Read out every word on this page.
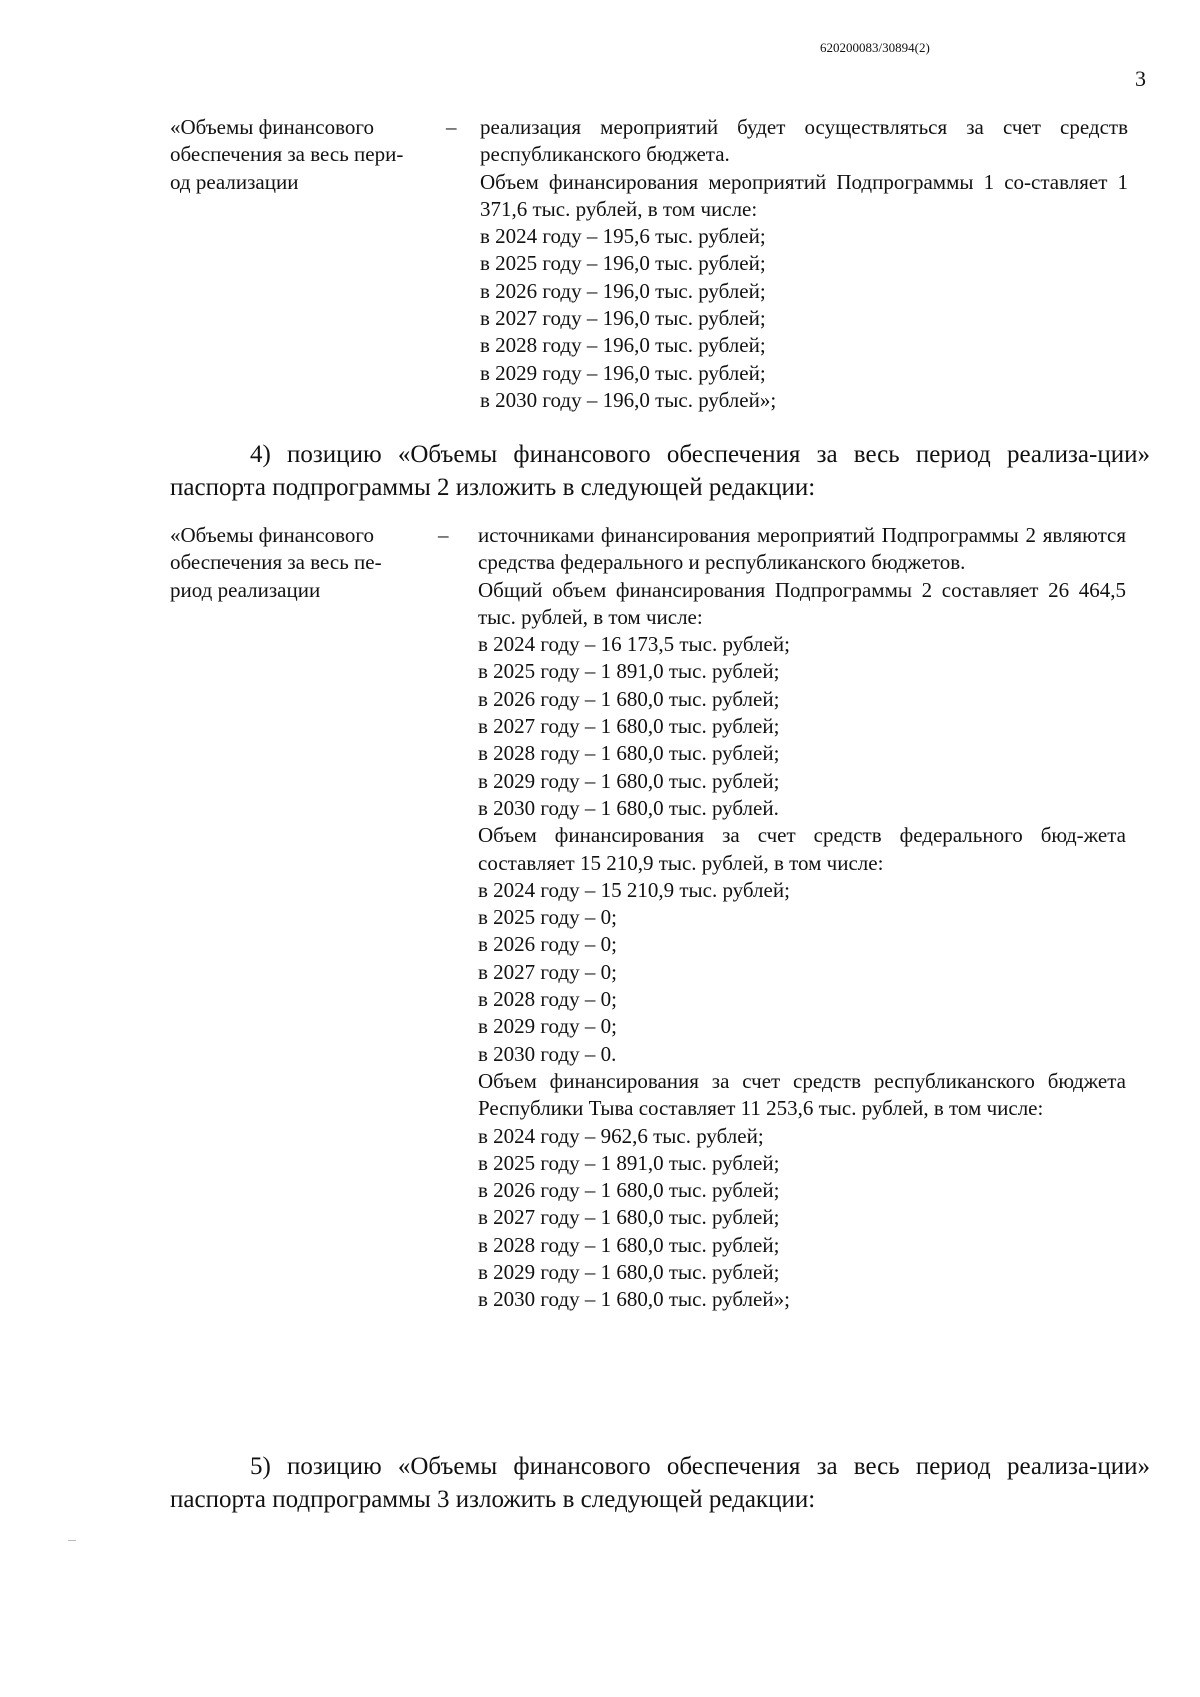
620200083/30894(2)
3
«Объемы финансового
обеспечения за весь пери-
од реализации
–	реализация мероприятий будет осуществляться за счет средств республиканского бюджета.

Объем финансирования мероприятий Подпрограммы 1 со-ставляет 1 371,6 тыс. рублей, в том числе:

в 2024 году – 195,6 тыс. рублей;
в 2025 году – 196,0 тыс. рублей;
в 2026 году – 196,0 тыс. рублей;
в 2027 году – 196,0 тыс. рублей;
в 2028 году – 196,0 тыс. рублей;
в 2029 году – 196,0 тыс. рублей;
в 2030 году – 196,0 тыс. рублей»;
4) позицию «Объемы финансового обеспечения за весь период реализа-ции» паспорта подпрограммы 2 изложить в следующей редакции:
«Объемы финансового
обеспечения за весь пе-
риод реализации
–	источниками финансирования мероприятий Подпрограммы 2 являются средства федерального и республиканского бюджетов.

Общий объем финансирования Подпрограммы 2 составляет 26 464,5 тыс. рублей, в том числе:

в 2024 году – 16 173,5 тыс. рублей;
в 2025 году – 1 891,0 тыс. рублей;
в 2026 году – 1 680,0 тыс. рублей;
в 2027 году – 1 680,0 тыс. рублей;
в 2028 году – 1 680,0 тыс. рублей;
в 2029 году – 1 680,0 тыс. рублей;
в 2030 году – 1 680,0 тыс. рублей.

Объем финансирования за счет средств федерального бюд-жета составляет 15 210,9 тыс. рублей, в том числе:

в 2024 году – 15 210,9 тыс. рублей;
в 2025 году – 0;
в 2026 году – 0;
в 2027 году – 0;
в 2028 году – 0;
в 2029 году – 0;
в 2030 году – 0.

Объем финансирования за счет средств республиканского бюджета Республики Тыва составляет 11 253,6 тыс. рублей, в том числе:

в 2024 году – 962,6 тыс. рублей;
в 2025 году – 1 891,0 тыс. рублей;
в 2026 году – 1 680,0 тыс. рублей;
в 2027 году – 1 680,0 тыс. рублей;
в 2028 году – 1 680,0 тыс. рублей;
в 2029 году – 1 680,0 тыс. рублей;
в 2030 году – 1 680,0 тыс. рублей»;
5) позицию «Объемы финансового обеспечения за весь период реализа-ции» паспорта подпрограммы 3 изложить в следующей редакции:
